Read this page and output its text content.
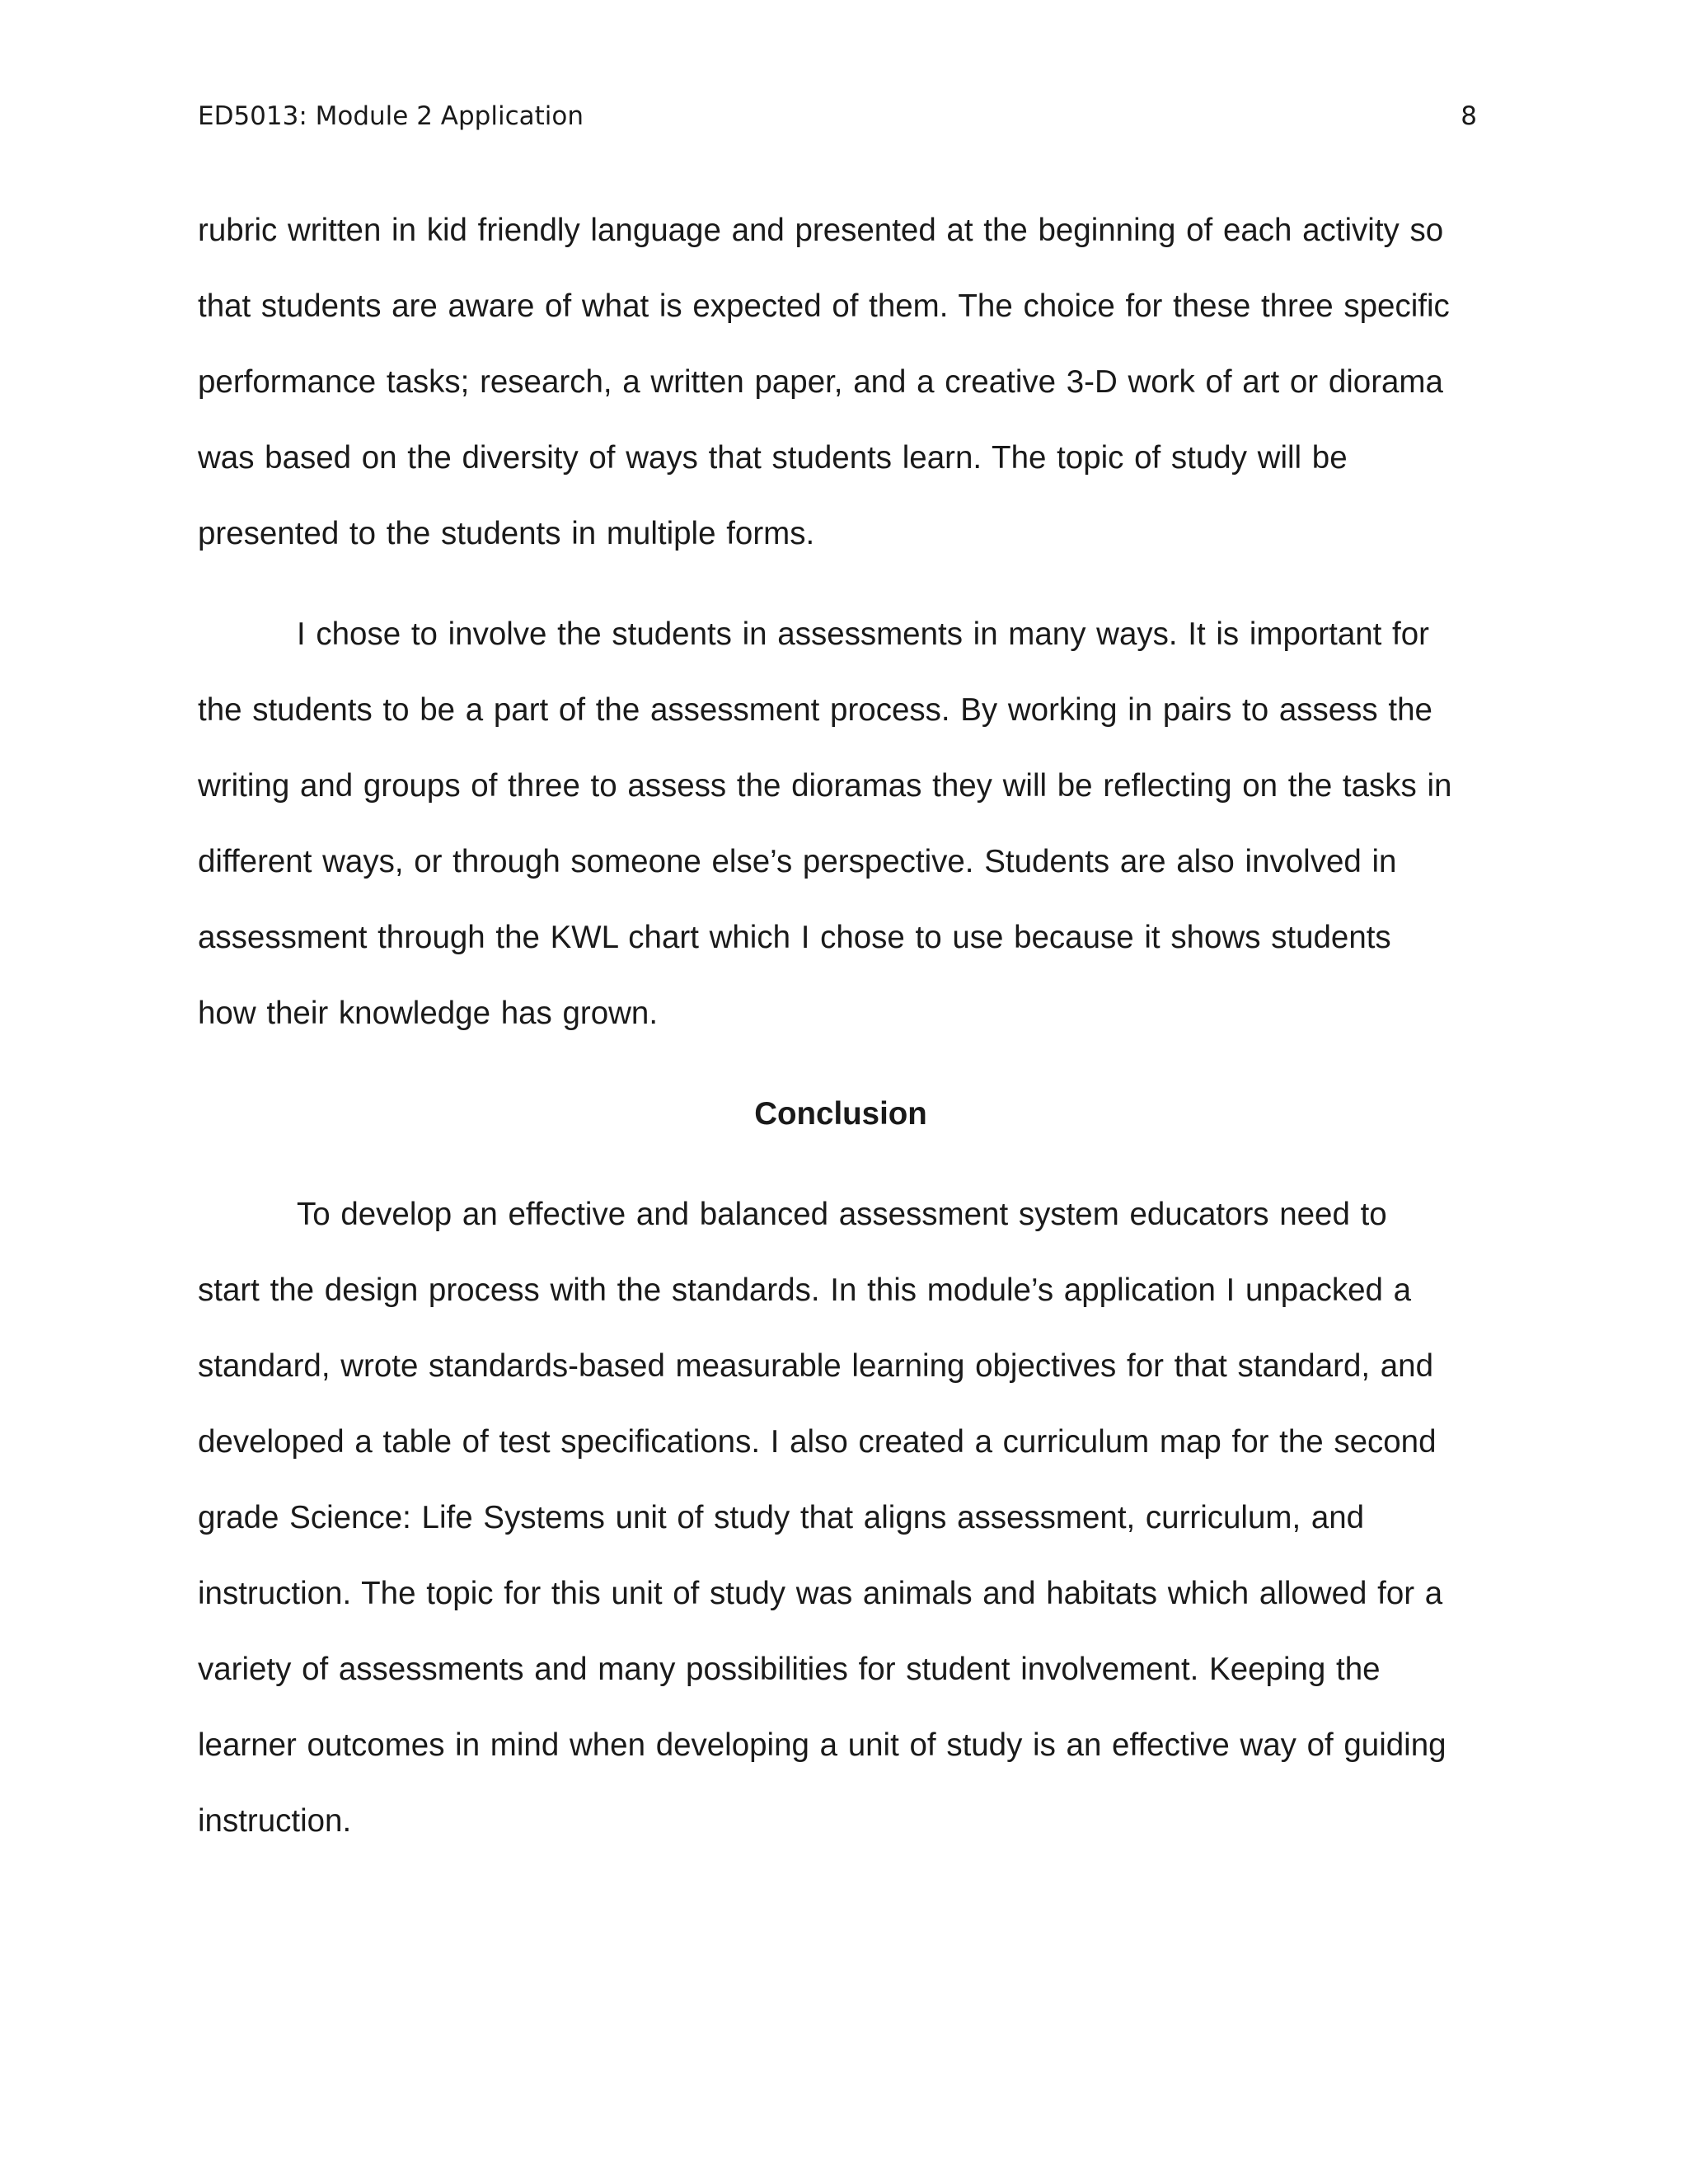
ED5013: Module 2 Application	8

rubric written in kid friendly language and presented at the beginning of each activity so
that students are aware of what is expected of them. The choice for these three specific
performance tasks; research, a written paper, and a creative 3-D work of art or diorama
was based on the diversity of ways that students learn. The topic of study will be
presented to the students in multiple forms.

I chose to involve the students in assessments in many ways. It is important for
the students to be a part of the assessment process. By working in pairs to assess the
writing and groups of three to assess the dioramas they will be reflecting on the tasks in
different ways, or through someone else’s perspective. Students are also involved in
assessment through the KWL chart which I chose to use because it shows students
how their knowledge has grown.

Conclusion

To develop an effective and balanced assessment system educators need to
start the design process with the standards. In this module’s application I unpacked a
standard, wrote standards-based measurable learning objectives for that standard, and
developed a table of test specifications. I also created a curriculum map for the second
grade Science: Life Systems unit of study that aligns assessment, curriculum, and
instruction. The topic for this unit of study was animals and habitats which allowed for a
variety of assessments and many possibilities for student involvement. Keeping the
learner outcomes in mind when developing a unit of study is an effective way of guiding
instruction.
